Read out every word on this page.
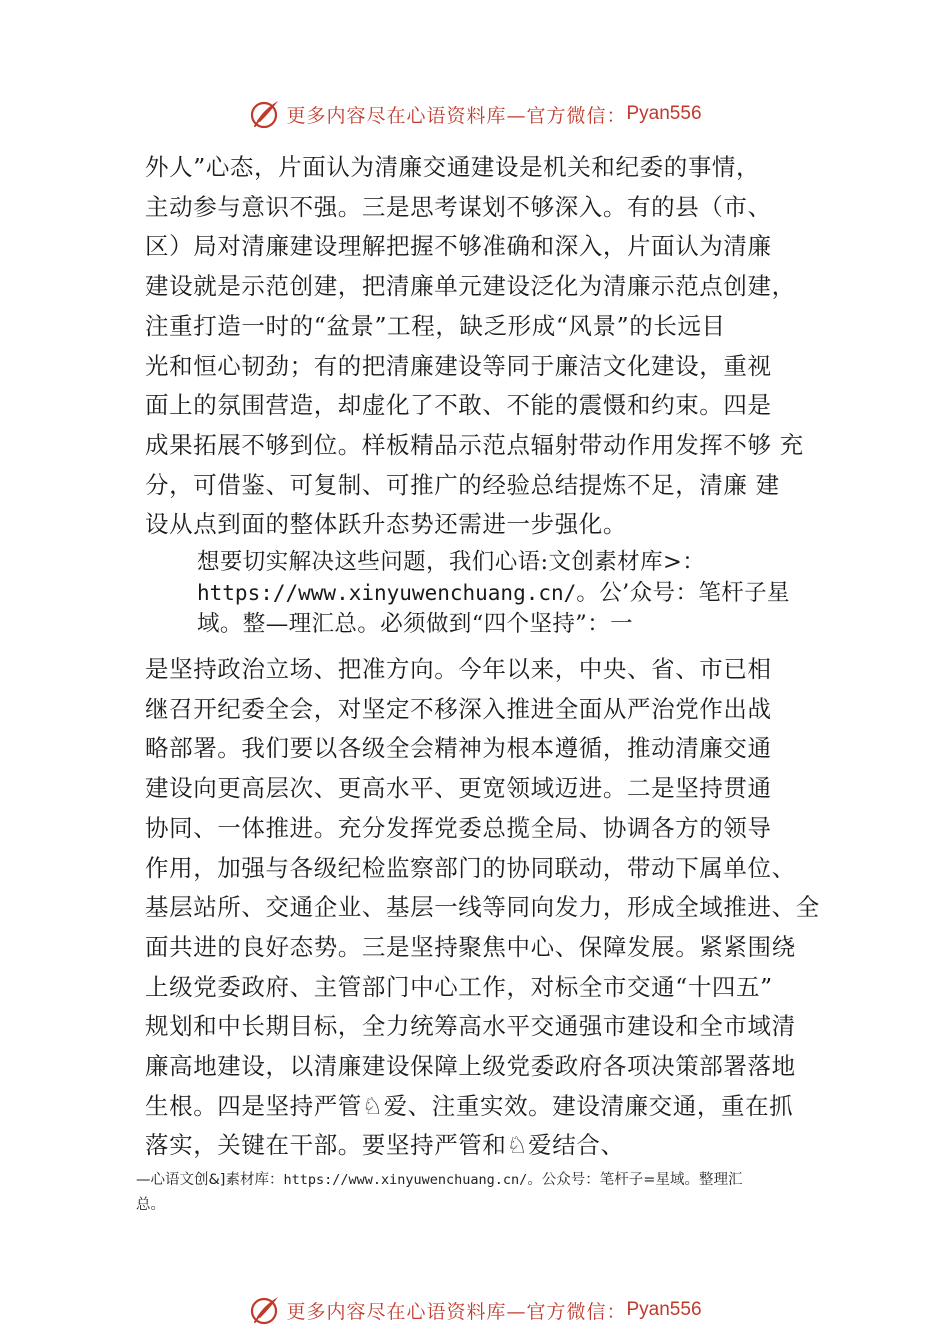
更多内容尽在心语资料库—官方微信： Pyan556
外人”心态，片面认为清廉交通建设是机关和纪委的事情，
主动参与意识不强。三是思考谋划不够深入。有的县（市、
区）局对清廉建设理解把握不够准确和深入，片面认为清廉
建设就是示范创建，把清廉单元建设泛化为清廉示范点创建，
注重打造一时的“盆景”工程，缺乏形成“风景”的长远目
光和恒心韧劲；有的把清廉建设等同于廉洁文化建设，重视
面上的氛围营造，却虚化了不敢、不能的震慑和约束。四是
成果拓展不够到位。样板精品示范点辐射带动作用发挥不够 充
分，可借鉴、可复制、可推广的经验总结提炼不足，清廉 建
设从点到面的整体跃升态势还需进一步强化。
想要切实解决这些问题，我们心语:文创素材库>：
https://www.xinyuwenchuang.cn/。公’众号：笔杆子星
域。整—理汇总。必须做到“四个坚持”：一
是坚持政治立场、把准方向。今年以来，中央、省、市已相
继召开纪委全会，对坚定不移深入推进全面从严治党作出战
略部署。我们要以各级全会精神为根本遵循，推动清廉交通
建设向更高层次、更高水平、更宽领域迈进。二是坚持贯通
协同、一体推进。充分发挥党委总揽全局、协调各方的领导
作用，加强与各级纪检监察部门的协同联动，带动下属单位、
基层站所、交通企业、基层一线等同向发力，形成全域推进、全
面共进的良好态势。三是坚持聚焦中心、保障发展。紧紧围绕
上级党委政府、主管部门中心工作，对标全市交通“十四五”
规划和中长期目标，全力统筹高水平交通强市建设和全市域清
廉高地建设，以清廉建设保障上级党委政府各项决策部署落地
生根。四是坚持严管♘爱、注重实效。建设清廉交通，重在抓
落实，关键在干部。要坚持严管和♘爱结合、
—心语文创&]素材库：https://www.xinyuwenchuang.cn/。公众号：笔杆子=星域。整理汇
总。
更多内容尽在心语资料库—官方微信： Pyan556
